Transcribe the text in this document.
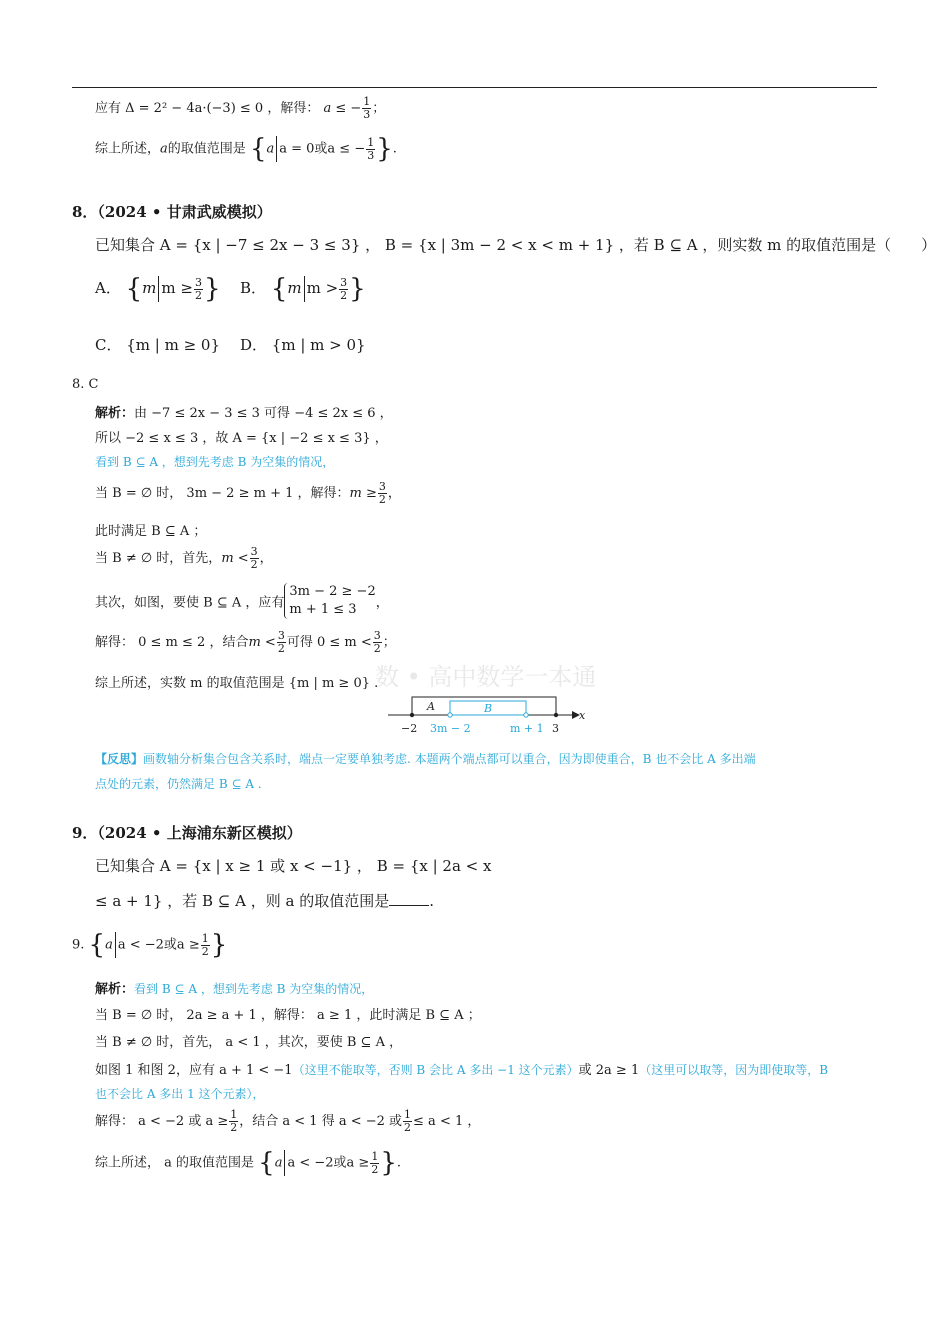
应有 Δ = 2² − 4a·(−3) ≤ 0 ，解得： a ≤ − $\frac{1}{3}$ ；
综上所述，a的取值范围是 {a a = 0或a ≤ − $\frac{1}{3}$ }.
8．（2024 • 甘肃武威模拟）
已知集合 A = {x | −7 ≤ 2x − 3 ≤ 3} ， B = {x | 3m − 2 < x < m + 1} ，若 B ⊆ A ，则实数 m 的取值范围是（　　）
A． {m $m \ge \frac{3}{2}$ } B． {m $m > \frac{3}{2}$ }
C． {m | m ≥ 0} D． {m | m > 0}
8. C
解析：由 −7 ≤ 2x − 3 ≤ 3 可得 −4 ≤ 2x ≤ 6 ，
所以 −2 ≤ x ≤ 3 ，故 A = {x | −2 ≤ x ≤ 3} ，
看到 B ⊆ A ，想到先考虑 B 为空集的情况，
当 B = ∅ 时， 3m − 2 ≥ m + 1 ，解得：$m \ge \frac{3}{2}$ ，
此时满足 B ⊆ A ；
当 B ≠ ∅ 时，首先，$m < \frac{3}{2}$ ，
其次，如图，要使 B ⊆ A ，应有3m − 2 ≥ −2
m + 1 ≤ 3 ，
解得： 0 ≤ m ≤ 2 ，结合$m < \frac{3}{2}$ 可得 $0 \le m < \frac{3}{2}$ ；
数 • 高中数学一本通
综上所述，实数 m 的取值范围是 {m | m ≥ 0} .
A	B
x
−2 3m − 2	m + 1 3
【反思】画数轴分析集合包含关系时，端点一定要单独考虑. 本题两个端点都可以重合，因为即使重合，B 也不会比 A 多出端
点处的元素，仍然满足 B ⊆ A .
9．（2024 • 上海浦东新区模拟）
已知集合 A = {x | x ≥ 1 或 x < −1} ， B = {x | 2a < x
≤ a + 1} ，若 B ⊆ A ，则 a 的取值范围是	.
9. {a a < −2或$a \ge \frac{1}{2}$ }
解析：看到 B ⊆ A ，想到先考虑 B 为空集的情况，
当 B = ∅ 时， 2a ≥ a + 1 ，解得： a ≥ 1 ，此时满足 B ⊆ A ；
当 B ≠ ∅ 时，首先， a < 1 ，其次，要使 B ⊆ A ，
如图 1 和图 2，应有 a + 1 < −1（这里不能取等，否则 B 会比 A 多出 −1 这个元素）或 2a ≥ 1（这里可以取等，因为即使取等，B
也不会比 A 多出 1 这个元素），
解得： a < −2 或 $a \ge \frac{1}{2}$ ，结合 a < 1 得 a < −2 或 $\frac{1}{2} \le a < 1$ ，
综上所述， a 的取值范围是 {a a < −2或$a \ge \frac{1}{2}$ }.
